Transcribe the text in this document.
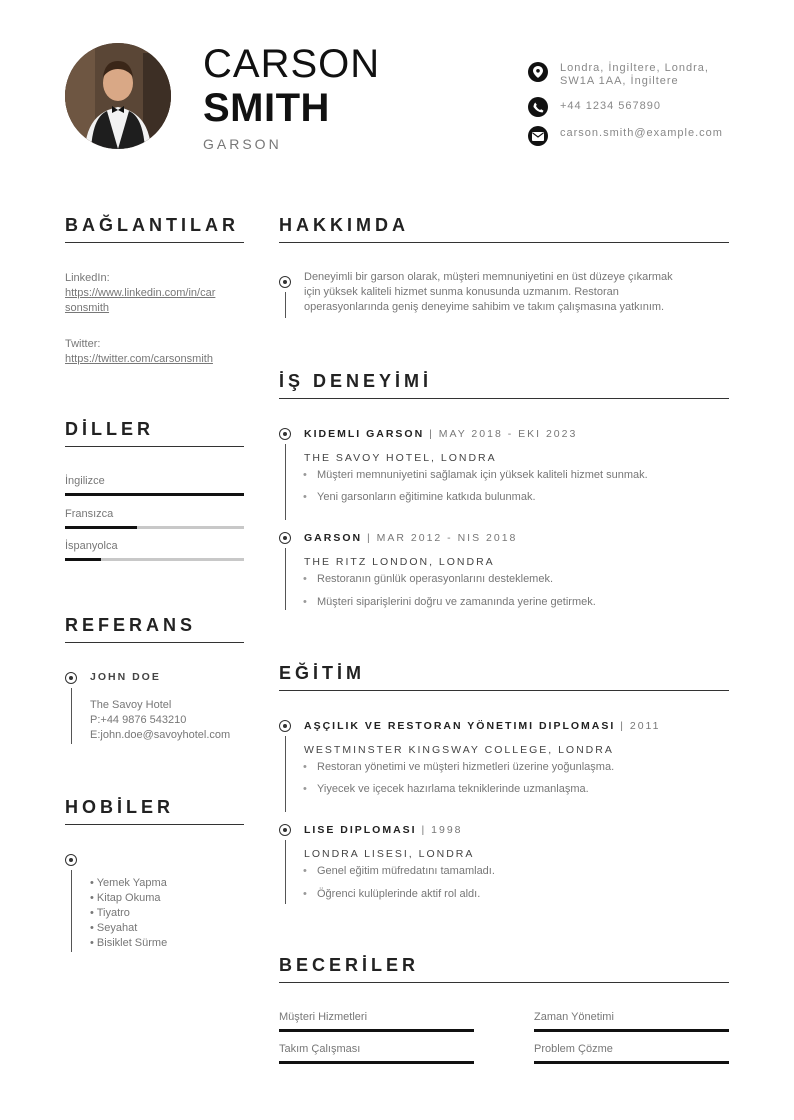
CARSON
SMITH
GARSON
Londra, İngiltere, Londra,
SW1A 1AA, İngiltere
+44 1234 567890
carson.smith@example.com
BAĞLANTILAR
LinkedIn:
https://www.linkedin.com/in/car
sonsmith
Twitter:
https://twitter.com/carsonsmith
DİLLER
İngilizce
Fransızca
İspanyolca
REFERANS
JOHN DOE
The Savoy Hotel
P:+44 9876 543210
E:john.doe@savoyhotel.com
HOBİLER
• Yemek Yapma
• Kitap Okuma
• Tiyatro
• Seyahat
• Bisiklet Sürme
HAKKIMDA
Deneyimli bir garson olarak, müşteri memnuniyetini en üst düzeye çıkarmak
için yüksek kaliteli hizmet sunma konusunda uzmanım. Restoran
operasyonlarında geniş deneyime sahibim ve takım çalışmasına yatkınım.
İŞ DENEYİMİ
KIDEMLI GARSON | MAY 2018 - EKI 2023
THE SAVOY HOTEL, LONDRA
• Müşteri memnuniyetini sağlamak için yüksek kaliteli hizmet sunmak.
• Yeni garsonların eğitimine katkıda bulunmak.
GARSON | MAR 2012 - NIS 2018
THE RITZ LONDON, LONDRA
• Restoranın günlük operasyonlarını desteklemek.
• Müşteri siparişlerini doğru ve zamanında yerine getirmek.
EĞİTİM
AŞÇILIK VE RESTORAN YÖNETIMI DIPLOMASI | 2011
WESTMINSTER KINGSWAY COLLEGE, LONDRA
• Restoran yönetimi ve müşteri hizmetleri üzerine yoğunlaşma.
• Yiyecek ve içecek hazırlama tekniklerinde uzmanlaşma.
LISE DIPLOMASI | 1998
LONDRA LISESI, LONDRA
• Genel eğitim müfredatını tamamladı.
• Öğrenci kulüplerinde aktif rol aldı.
BECERİLER
Müşteri Hizmetleri	Zaman Yönetimi
Takım Çalışması	Problem Çözme
